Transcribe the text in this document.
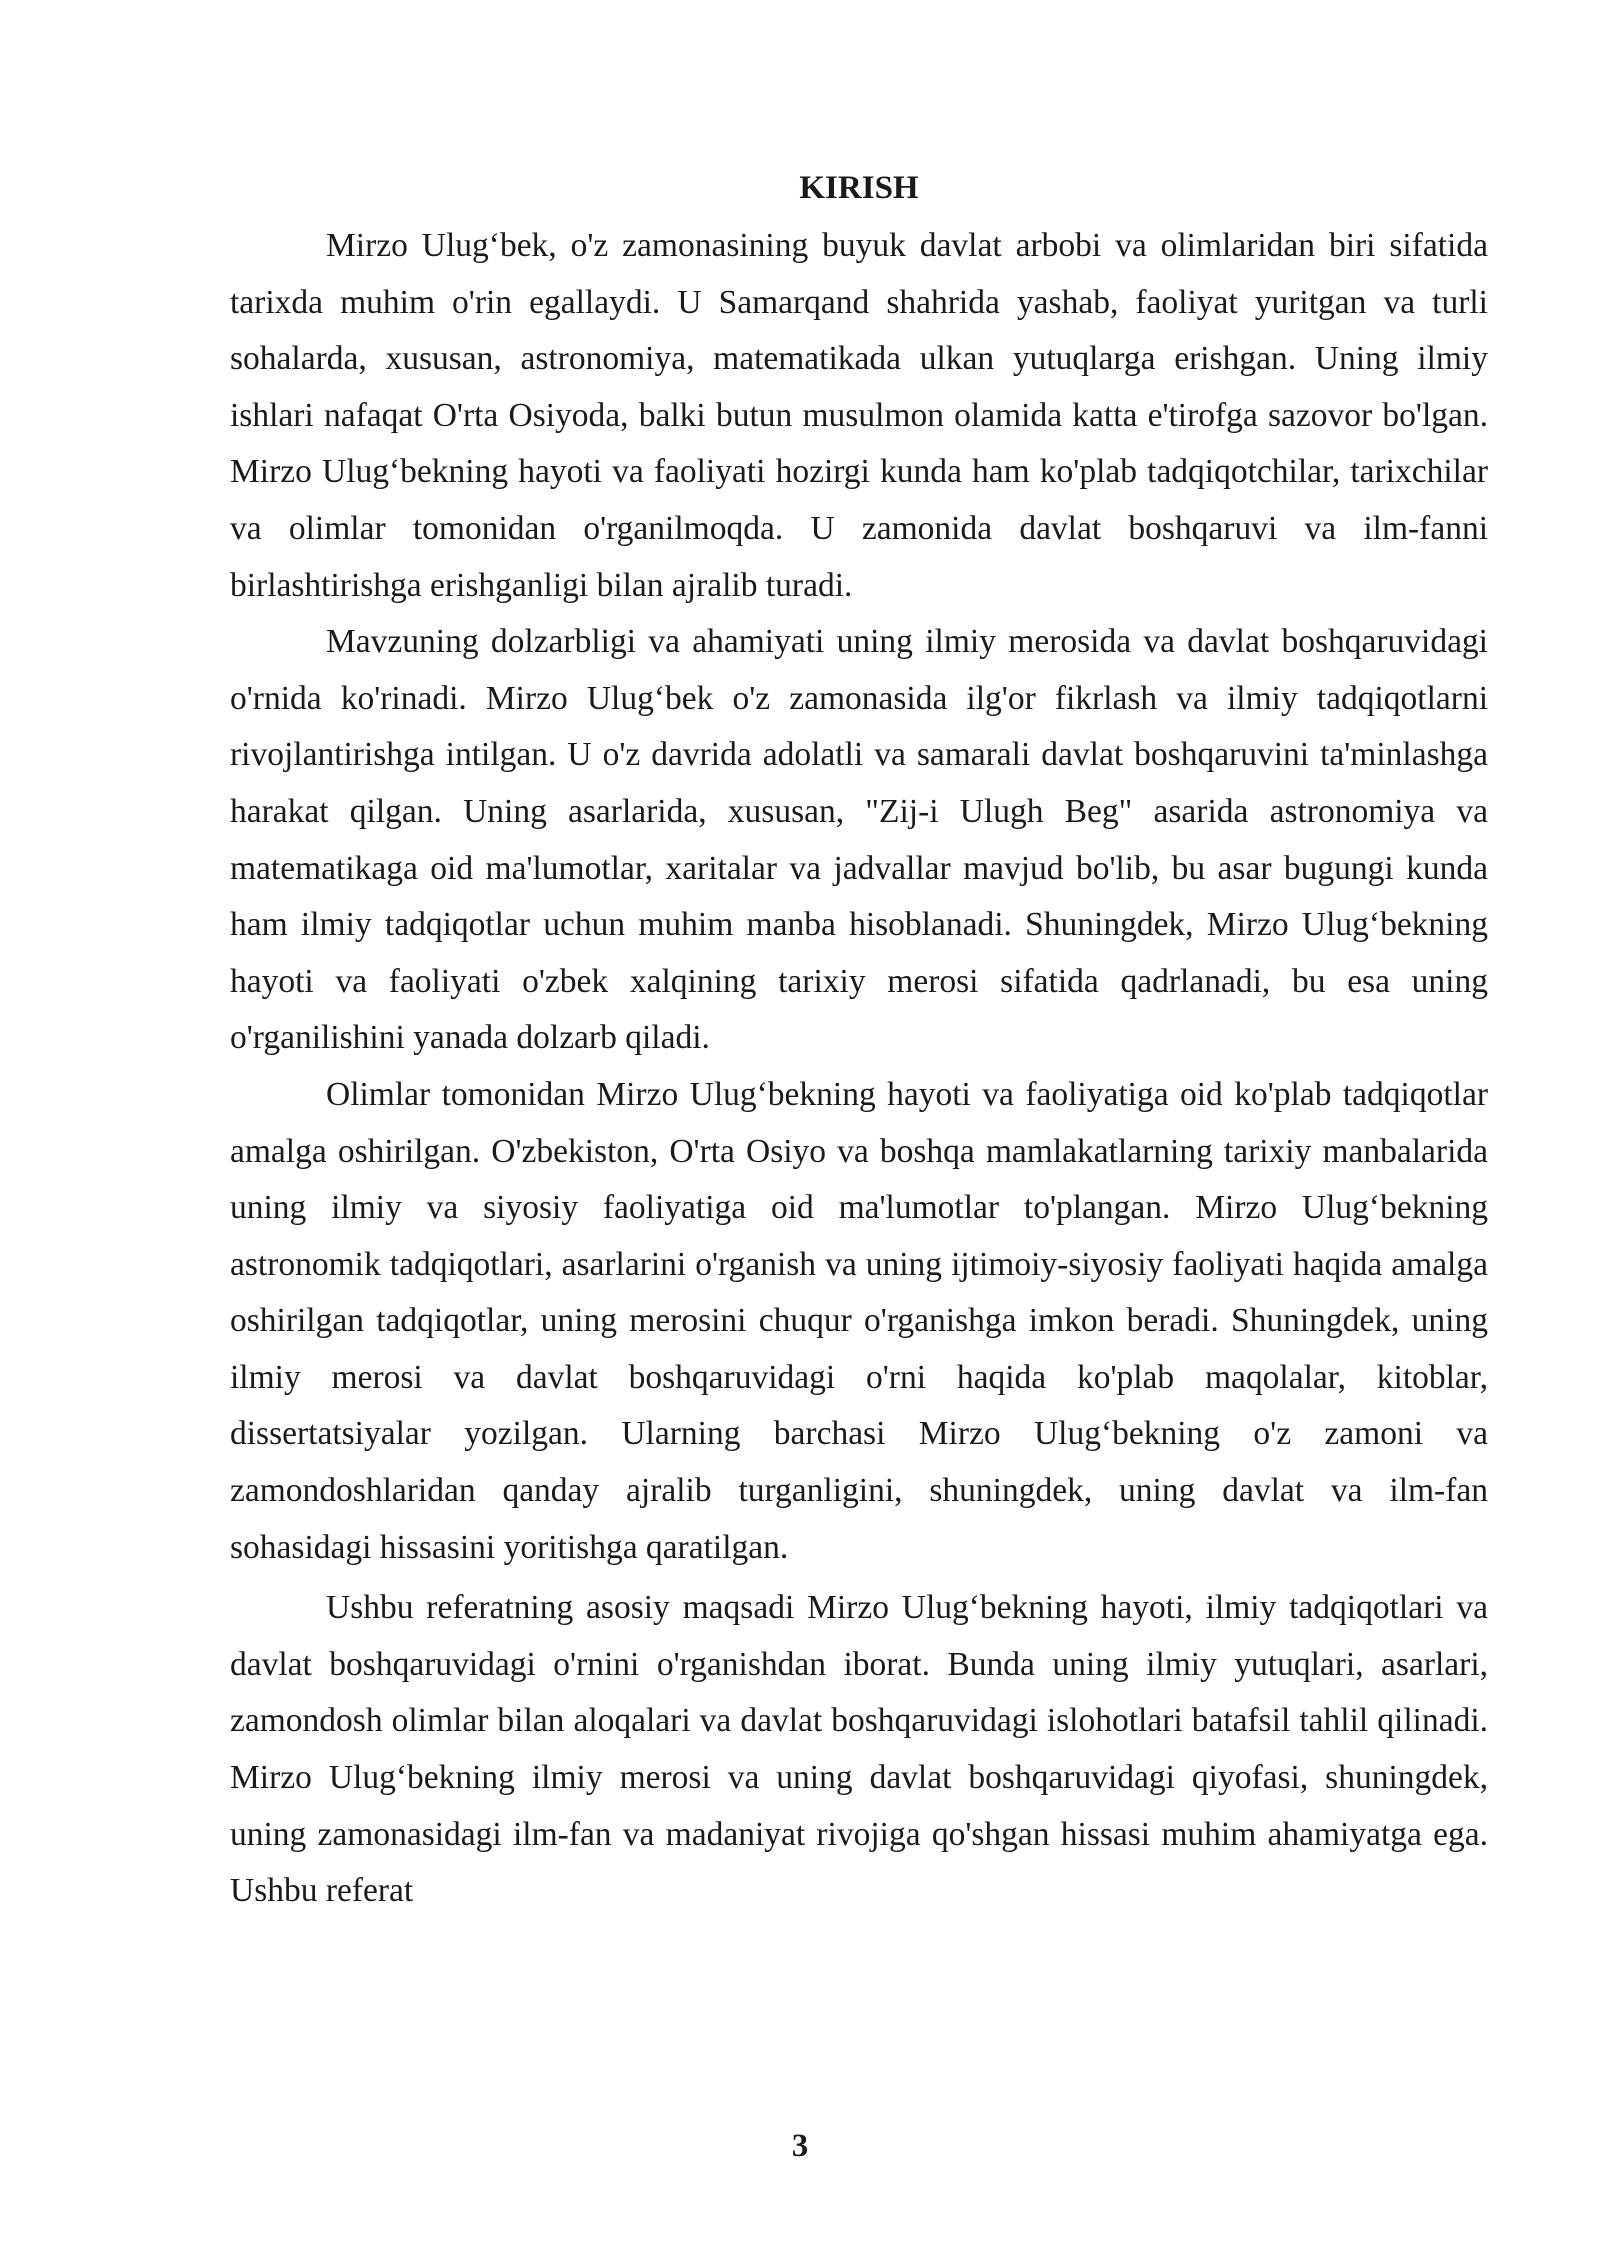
KIRISH

Mirzo Ulug‘bek, o'z zamonasining buyuk davlat arbobi va olimlaridan biri sifatida tarixda muhim o'rin egallaydi. U Samarqand shahrida yashab, faoliyat yuritgan va turli sohalarda, xususan, astronomiya, matematikada ulkan yutuqlarga erishgan. Uning ilmiy ishlari nafaqat O'rta Osiyoda, balki butun musulmon olamida katta e'tirofga sazovor bo'lgan. Mirzo Ulug‘bekning hayoti va faoliyati hozirgi kunda ham ko'plab tadqiqotchilar, tarixchilar va olimlar tomonidan o'rganilmoqda. U zamonida davlat boshqaruvi va ilm-fanni birlashtirishga erishganligi bilan ajralib turadi.

Mavzuning dolzarbligi va ahamiyati uning ilmiy merosida va davlat boshqaruvidagi o'rnida ko'rinadi. Mirzo Ulug‘bek o'z zamonasida ilg'or fikrlash va ilmiy tadqiqotlarni rivojlantirishga intilgan. U o'z davrida adolatli va samarali davlat boshqaruvini ta'minlashga harakat qilgan. Uning asarlarida, xususan, "Zij-i Ulugh Beg" asarida astronomiya va matematikaga oid ma'lumotlar, xaritalar va jadvallar mavjud bo'lib, bu asar bugungi kunda ham ilmiy tadqiqotlar uchun muhim manba hisoblanadi. Shuningdek, Mirzo Ulug‘bekning hayoti va faoliyati o'zbek xalqining tarixiy merosi sifatida qadrlanadi, bu esa uning o'rganilishini yanada dolzarb qiladi.

Olimlar tomonidan Mirzo Ulug‘bekning hayoti va faoliyatiga oid ko'plab tadqiqotlar amalga oshirilgan. O'zbekiston, O'rta Osiyo va boshqa mamlakatlarning tarixiy manbalarida uning ilmiy va siyosiy faoliyatiga oid ma'lumotlar to'plangan. Mirzo Ulug‘bekning astronomik tadqiqotlari, asarlarini o'rganish va uning ijtimoiy-siyosiy faoliyati haqida amalga oshirilgan tadqiqotlar, uning merosini chuqur o'rganishga imkon beradi. Shuningdek, uning ilmiy merosi va davlat boshqaruvidagi o'rni haqida ko'plab maqolalar, kitoblar, dissertatsiyalar yozilgan. Ularning barchasi Mirzo Ulug‘bekning o'z zamoni va zamondoshlaridan qanday ajralib turganligini, shuningdek, uning davlat va ilm-fan sohasidagi hissasini yoritishga qaratilgan.

Ushbu referatning asosiy maqsadi Mirzo Ulug‘bekning hayoti, ilmiy tadqiqotlari va davlat boshqaruvidagi o'rnini o'rganishdan iborat. Bunda uning ilmiy yutuqlari, asarlari, zamondosh olimlar bilan aloqalari va davlat boshqaruvidagi islohotlari batafsil tahlil qilinadi. Mirzo Ulug‘bekning ilmiy merosi va uning davlat boshqaruvidagi qiyofasi, shuningdek, uning zamonasidagi ilm-fan va madaniyat rivojiga qo'shgan hissasi muhim ahamiyatga ega. Ushbu referat

3
